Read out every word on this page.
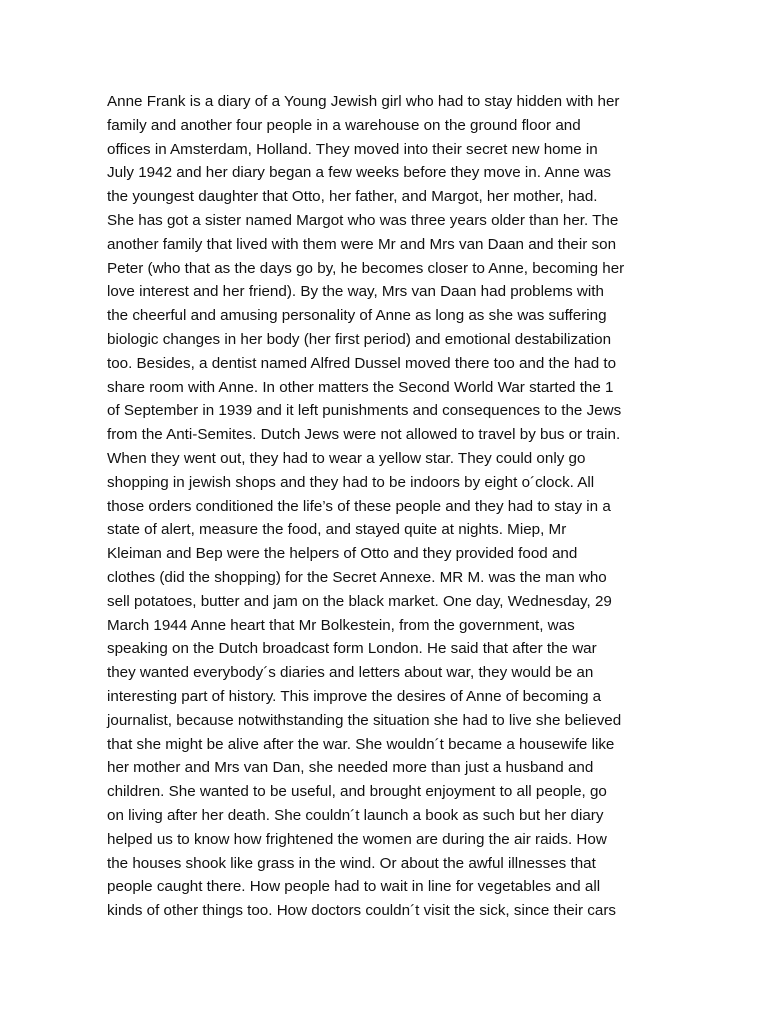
Anne Frank is a diary of a Young Jewish girl who had to stay hidden with her
family and another four people in a warehouse on the ground floor and
offices in Amsterdam, Holland. They moved into their secret new home in
July 1942 and her diary began a few weeks before they move in. Anne was
the youngest daughter that Otto, her father, and Margot, her mother, had.
She has got a sister named Margot who was three years older than her. The
another family that lived with them were Mr and Mrs van Daan and their son
Peter (who that as the days go by, he becomes closer to Anne, becoming her
love interest and her friend). By the way, Mrs van Daan had problems with
the cheerful and amusing personality of Anne as long as she was suffering
biologic changes in her body (her first period) and emotional destabilization
too. Besides, a dentist named Alfred Dussel moved there too and the had to
share room with Anne. In other matters the Second World War started the 1
of September in 1939 and it left punishments and consequences to the Jews
from the Anti-Semites. Dutch Jews were not allowed to travel by bus or train.
When they went out, they had to wear a yellow star. They could only go
shopping in jewish shops and they had to be indoors by eight o´clock. All
those orders conditioned the life’s of these people and they had to stay in a
state of alert, measure the food, and stayed quite at nights. Miep, Mr
Kleiman and Bep were the helpers of Otto and they provided food and
clothes (did the shopping) for the Secret Annexe. MR M. was the man who
sell potatoes, butter and jam on the black market. One day, Wednesday, 29
March 1944 Anne heart that Mr Bolkestein, from the government, was
speaking on the Dutch broadcast form London. He said that after the war
they wanted everybody´s diaries and letters about war, they would be an
interesting part of history. This improve the desires of Anne of becoming a
journalist, because notwithstanding the situation she had to live she believed
that she might be alive after the war. She wouldn´t became a housewife like
her mother and Mrs van Dan, she needed more than just a husband and
children. She wanted to be useful, and brought enjoyment to all people, go
on living after her death. She couldn´t launch a book as such but her diary
helped us to know how frightened the women are during the air raids. How
the houses shook like grass in the wind. Or about the awful illnesses that
people caught there. How people had to wait in line for vegetables and all
kinds of other things too. How doctors couldn´t visit the sick, since their cars
